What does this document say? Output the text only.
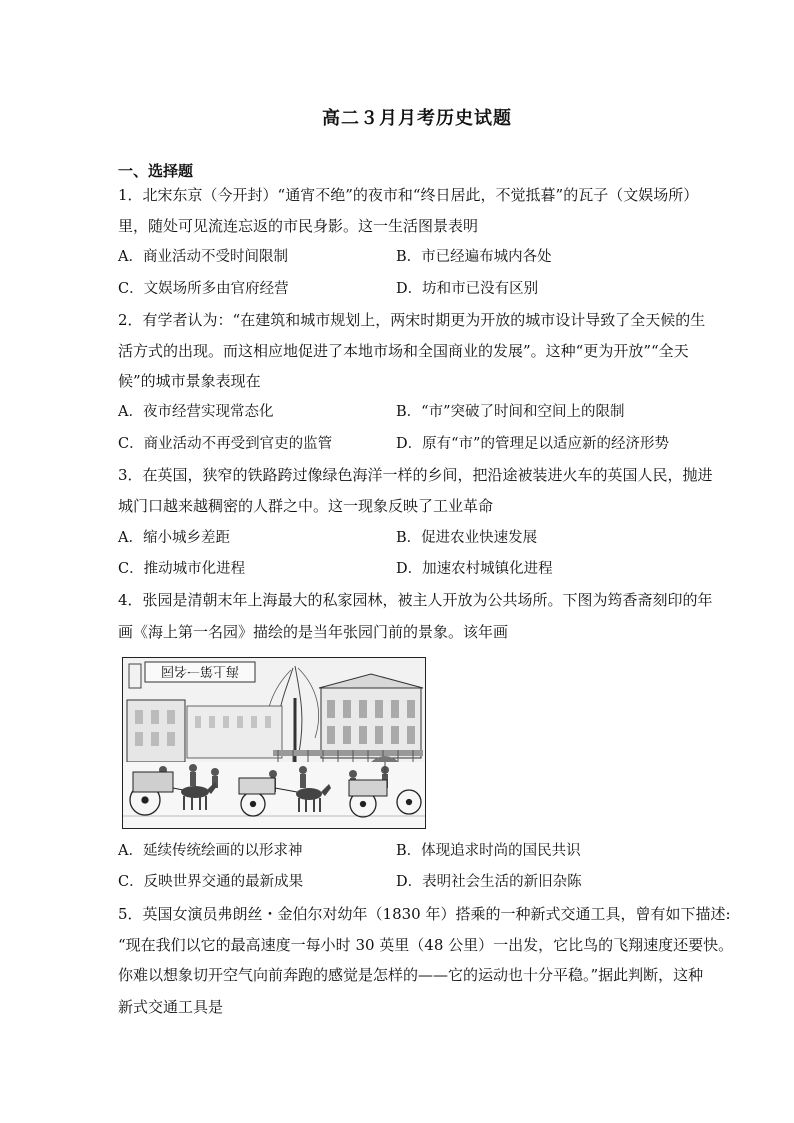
高二３月月考历史试题
一、选择题
1．北宋东京（今开封）“通宵不绝”的夜市和“终日居此，不觉抵暮”的瓦子（文娱场所）
里，随处可见流连忘返的市民身影。这一生活图景表明
A．商业活动不受时间限制	B．市已经遍布城内各处
C．文娱场所多由官府经营	D．坊和市已没有区别
2．有学者认为：“在建筑和城市规划上，两宋时期更为开放的城市设计导致了全天候的生
活方式的出现。而这相应地促进了本地市场和全国商业的发展”。这种“更为开放”“全天
候”的城市景象表现在
A．夜市经营实现常态化	B．“市”突破了时间和空间上的限制
C．商业活动不再受到官吏的监管	D．原有“市”的管理足以适应新的经济形势
3．在英国，狭窄的铁路跨过像绿色海洋一样的乡间，把沿途被装进火车的英国人民，抛进
城门口越来越稠密的人群之中。这一现象反映了工业革命
A．缩小城乡差距	B．促进农业快速发展
C．推动城市化进程	D．加速农村城镇化进程
4．张园是清朝末年上海最大的私家园林，被主人开放为公共场所。下图为筠香斋刻印的年
画《海上第一名园》描绘的是当年张园门前的景象。该年画
海上第一名园
A．延续传统绘画的以形求神	B．体现追求时尚的国民共识
C．反映世界交通的最新成果	D．表明社会生活的新旧杂陈
5．英国女演员弗朗丝・金伯尔对幼年（1830 年）搭乘的一种新式交通工具，曾有如下描述:
“现在我们以它的最高速度一每小时 30 英里（48 公里）一出发，它比鸟的飞翔速度还要快。
你难以想象切开空气向前奔跑的感觉是怎样的——它的运动也十分平稳。”据此判断，这种
新式交通工具是
